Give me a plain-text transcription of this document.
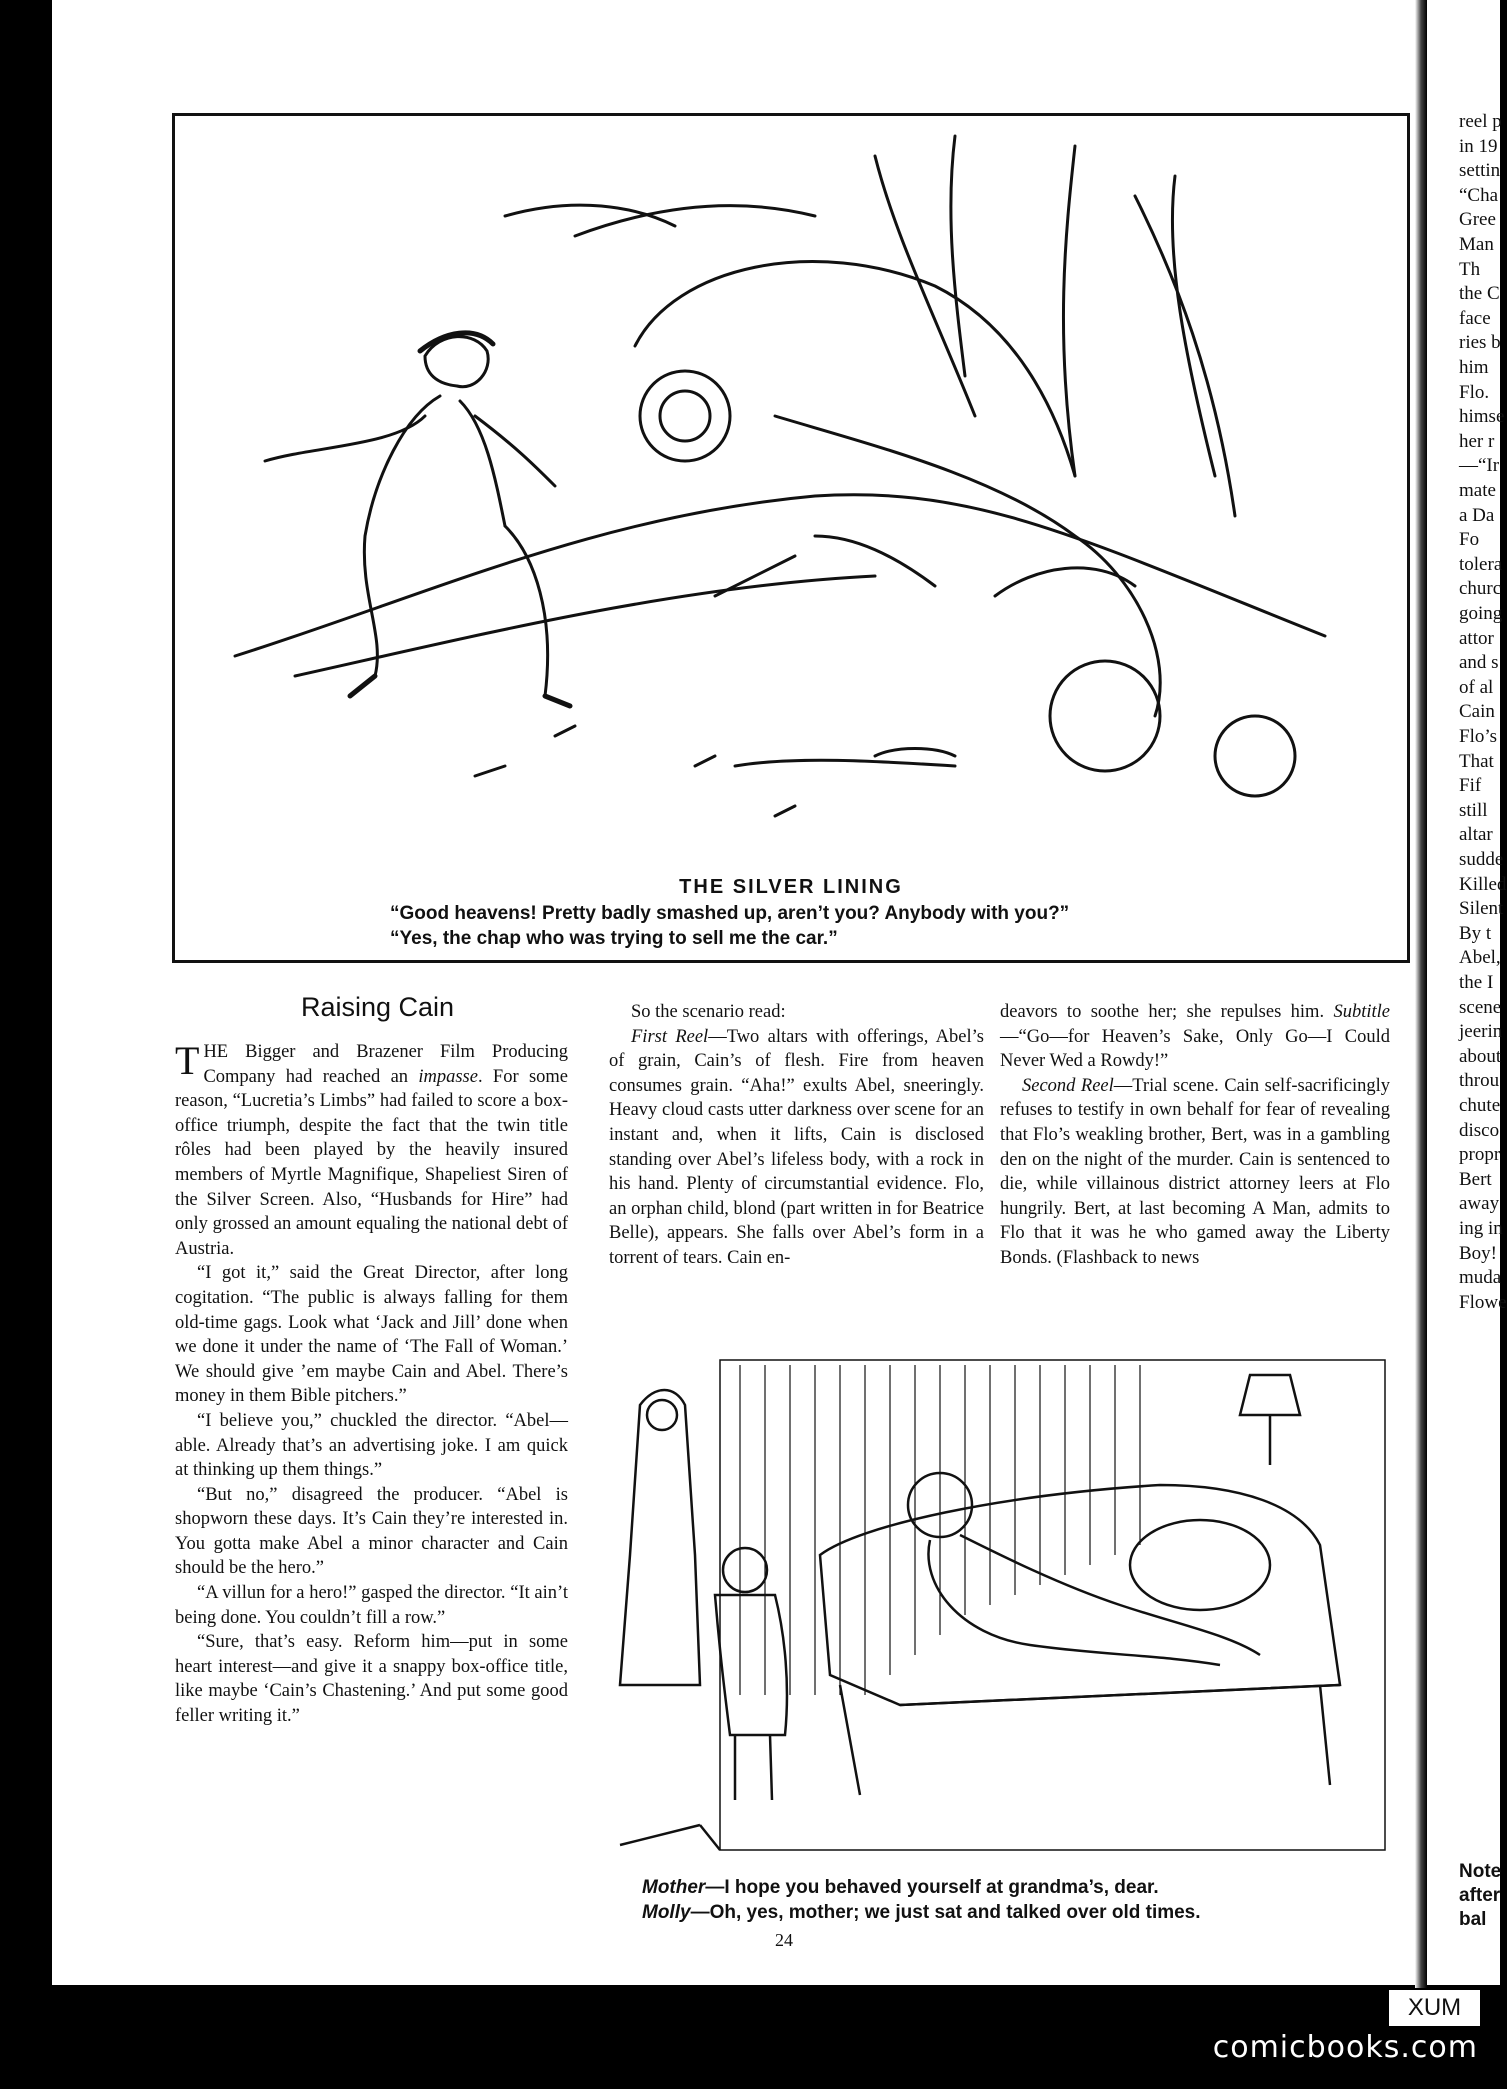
reel p
in 19
settin
“Cha
Gree
Man
Th
the C
face
ries b
him
Flo.
himse
her r
—“Ir
mate
a Da
Fo
tolera
churc
going
attor
and s
of al
Cain
Flo’s
That
Fif
still
altar
sudde
Killed
Silent
By t
Abel,
the I
scene
jeerin
about
throu
chute
disco
propr
Bert
away
ing in
Boy!
muda
Flowe
Note
after
bal
THE SILVER LINING
“Good heavens! Pretty badly smashed up, aren’t you? Anybody with you?”
“Yes, the chap who was trying to sell me the car.”
Raising Cain
T HE Bigger and Brazener Film Producing Company had reached an impasse. For some reason, “Lucretia’s Limbs” had failed to score a box-office triumph, despite the fact that the twin title rôles had been played by the heavily insured members of Myrtle Magnifique, Shapeliest Siren of the Silver Screen. Also, “Husbands for Hire” had only grossed an amount equaling the national debt of Austria.

“I got it,” said the Great Director, after long cogitation. “The public is always falling for them old-time gags. Look what ‘Jack and Jill’ done when we done it under the name of ‘The Fall of Woman.’ We should give ’em maybe Cain and Abel. There’s money in them Bible pitchers.”

“I believe you,” chuckled the director. “Abel—able. Already that’s an advertising joke. I am quick at thinking up them things.”

“But no,” disagreed the producer. “Abel is shopworn these days. It’s Cain they’re interested in. You gotta make Abel a minor character and Cain should be the hero.”

“A villun for a hero!” gasped the director. “It ain’t being done. You couldn’t fill a row.”

“Sure, that’s easy. Reform him—put in some heart interest—and give it a snappy box-office title, like maybe ‘Cain’s Chastening.’ And put some good feller writing it.”

So the scenario read:

First Reel—Two altars with offerings, Abel’s of grain, Cain’s of flesh. Fire from heaven consumes grain. “Aha!” exults Abel, sneeringly. Heavy cloud casts utter darkness over scene for an instant and, when it lifts, Cain is disclosed standing over Abel’s lifeless body, with a rock in his hand. Plenty of circumstantial evidence. Flo, an orphan child, blond (part written in for Beatrice Belle), appears. She falls over Abel’s form in a torrent of tears. Cain en-

deavors to soothe her; she repulses him. Subtitle—“Go—for Heaven’s Sake, Only Go—I Could Never Wed a Rowdy!”

Second Reel—Trial scene. Cain self-sacrificingly refuses to testify in own behalf for fear of revealing that Flo’s weakling brother, Bert, was in a gambling den on the night of the murder. Cain is sentenced to die, while villainous district attorney leers at Flo hungrily. Bert, at last becoming A Man, admits to Flo that it was he who gamed away the Liberty Bonds. (Flashback to news

Mother—I hope you behaved yourself at grandma’s, dear.
Molly—Oh, yes, mother; we just sat and talked over old times.
24
XUM
comicbooks.com
